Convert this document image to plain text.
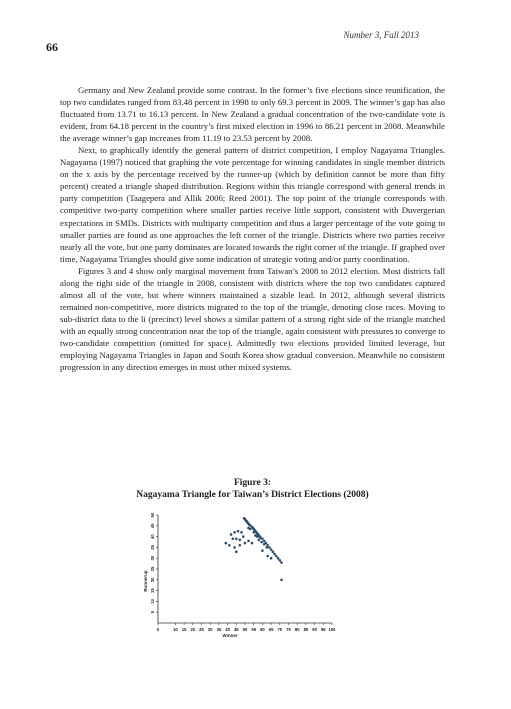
Number 3, Fall 2013
66

Germany and New Zealand provide some contrast. In the former’s five elections since reunification, the top two candidates ranged from 83.48 percent in 1998 to only 69.3 percent in 2009. The winner’s gap has also fluctuated from 13.71 to 16.13 percent. In New Zealand a gradual concentration of the two-candidate vote is evident, from 64.18 percent in the country’s first mixed election in 1996 to 86.21 percent in 2008. Meanwhile the average winner’s gap increases from 11.19 to 23.53 percent by 2008.

Next, to graphically identify the general pattern of district competition, I employ Nagayama Triangles. Nagayama (1997) noticed that graphing the vote percentage for winning candidates in single member districts on the x axis by the percentage received by the runner-up (which by definition cannot be more than fifty percent) created a triangle shaped distribution. Regions within this triangle correspond with general trends in party competition (Taagepera and Allik 2006; Reed 2001). The top point of the triangle corresponds with competitive two-party competition where smaller parties receive little support, consistent with Duvergerian expectations in SMDs. Districts with multiparty competition and thus a larger percentage of the vote going to smaller parties are found as one approaches the left corner of the triangle. Districts where two parties receive nearly all the vote, but one party dominates are located towards the right corner of the triangle. If graphed over time, Nagayama Triangles should give some indication of strategic voting and/or party coordination.

Figures 3 and 4 show only marginal movement from Taiwan’s 2008 to 2012 election. Most districts fall along the right side of the triangle in 2008, consistent with districts where the top two candidates captured almost all of the vote, but where winners maintained a sizable lead. In 2012, although several districts remained non-competitive, more districts migrated to the top of the triangle, denoting close races. Moving to sub-district data to the li (precinct) level shows a similar pattern of a strong right side of the triangle matched with an equally strong concentration near the top of the triangle, again consistent with pressures to converge to two-candidate competition (omitted for space). Admittedly two elections provided limited leverage, but employing Nagayama Triangles in Japan and South Korea show gradual conversion. Meanwhile no consistent progression in any direction emerges in most other mixed systems.

Figure 3:
Nagayama Triangle for Taiwan’s District Elections (2008)
0	10 15 20 25 30 35 40 45 50 55 60 65 70 75 80 85 90 95 100
5
10
15
20
25
30
35
40
45
50
Winner
Runnerup
